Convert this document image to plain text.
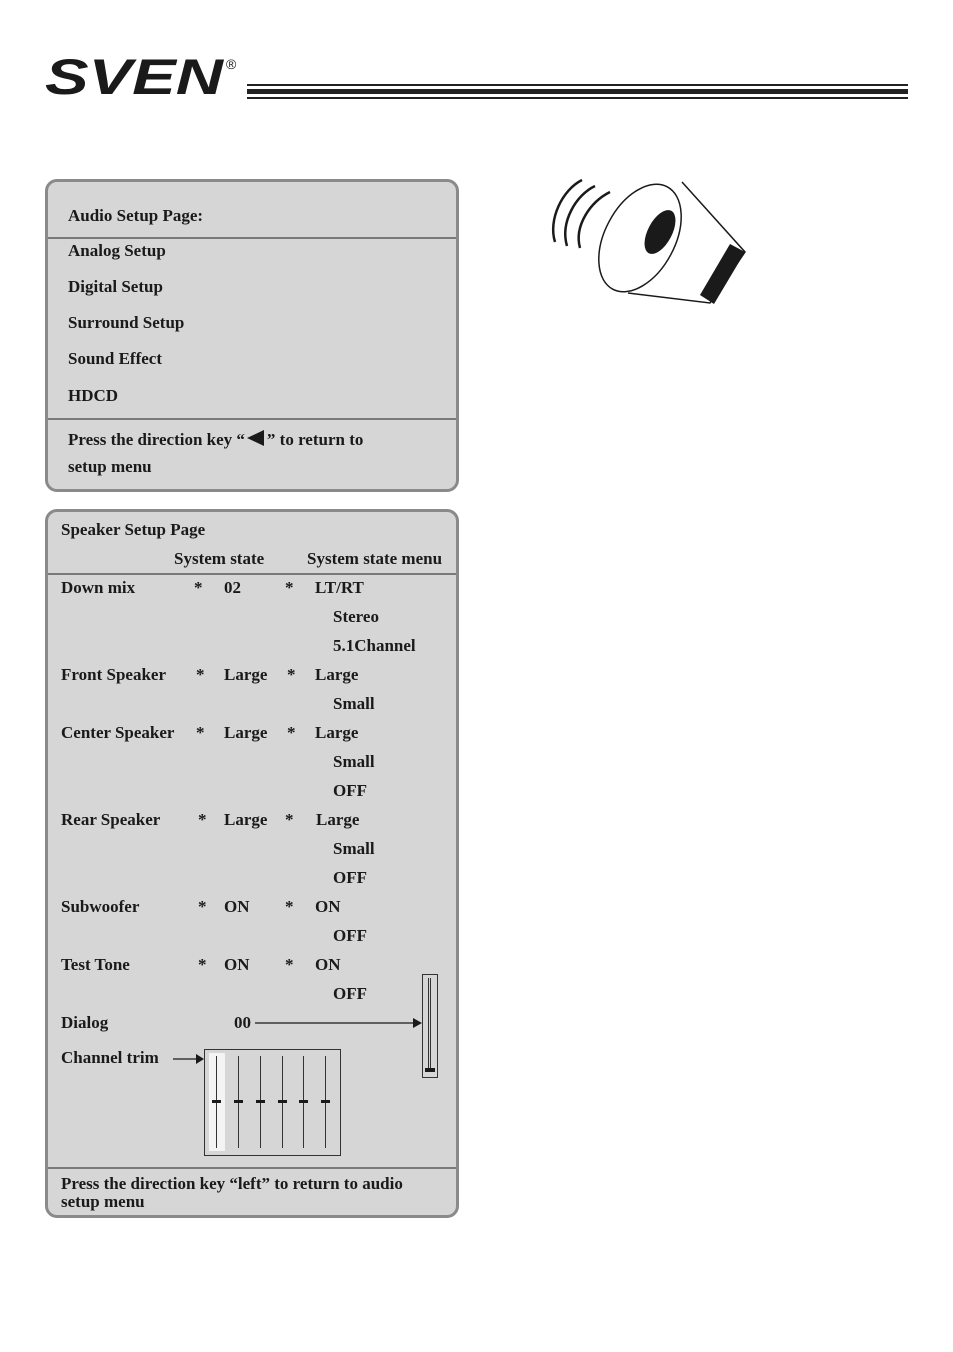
SVEN ®
Audio Setup Page:
Analog Setup
Digital Setup
Surround Setup
Sound Effect
HDCD
Press the direction key “ ” to return to
setup menu
Speaker Setup Page
System state	System state menu
Down mix	* 02	* LT/RT
Stereo
5.1Channel
Front Speaker * Large * Large
Small
Center Speaker * Large * Large
Small
OFF
Rear Speaker * Large * Large
Small
OFF
Subwoofer	* ON * ON
OFF
Test Tone	* ON * ON
OFF
Dialog	00
Channel trim
Press the direction key “left” to return to audio
setup menu
